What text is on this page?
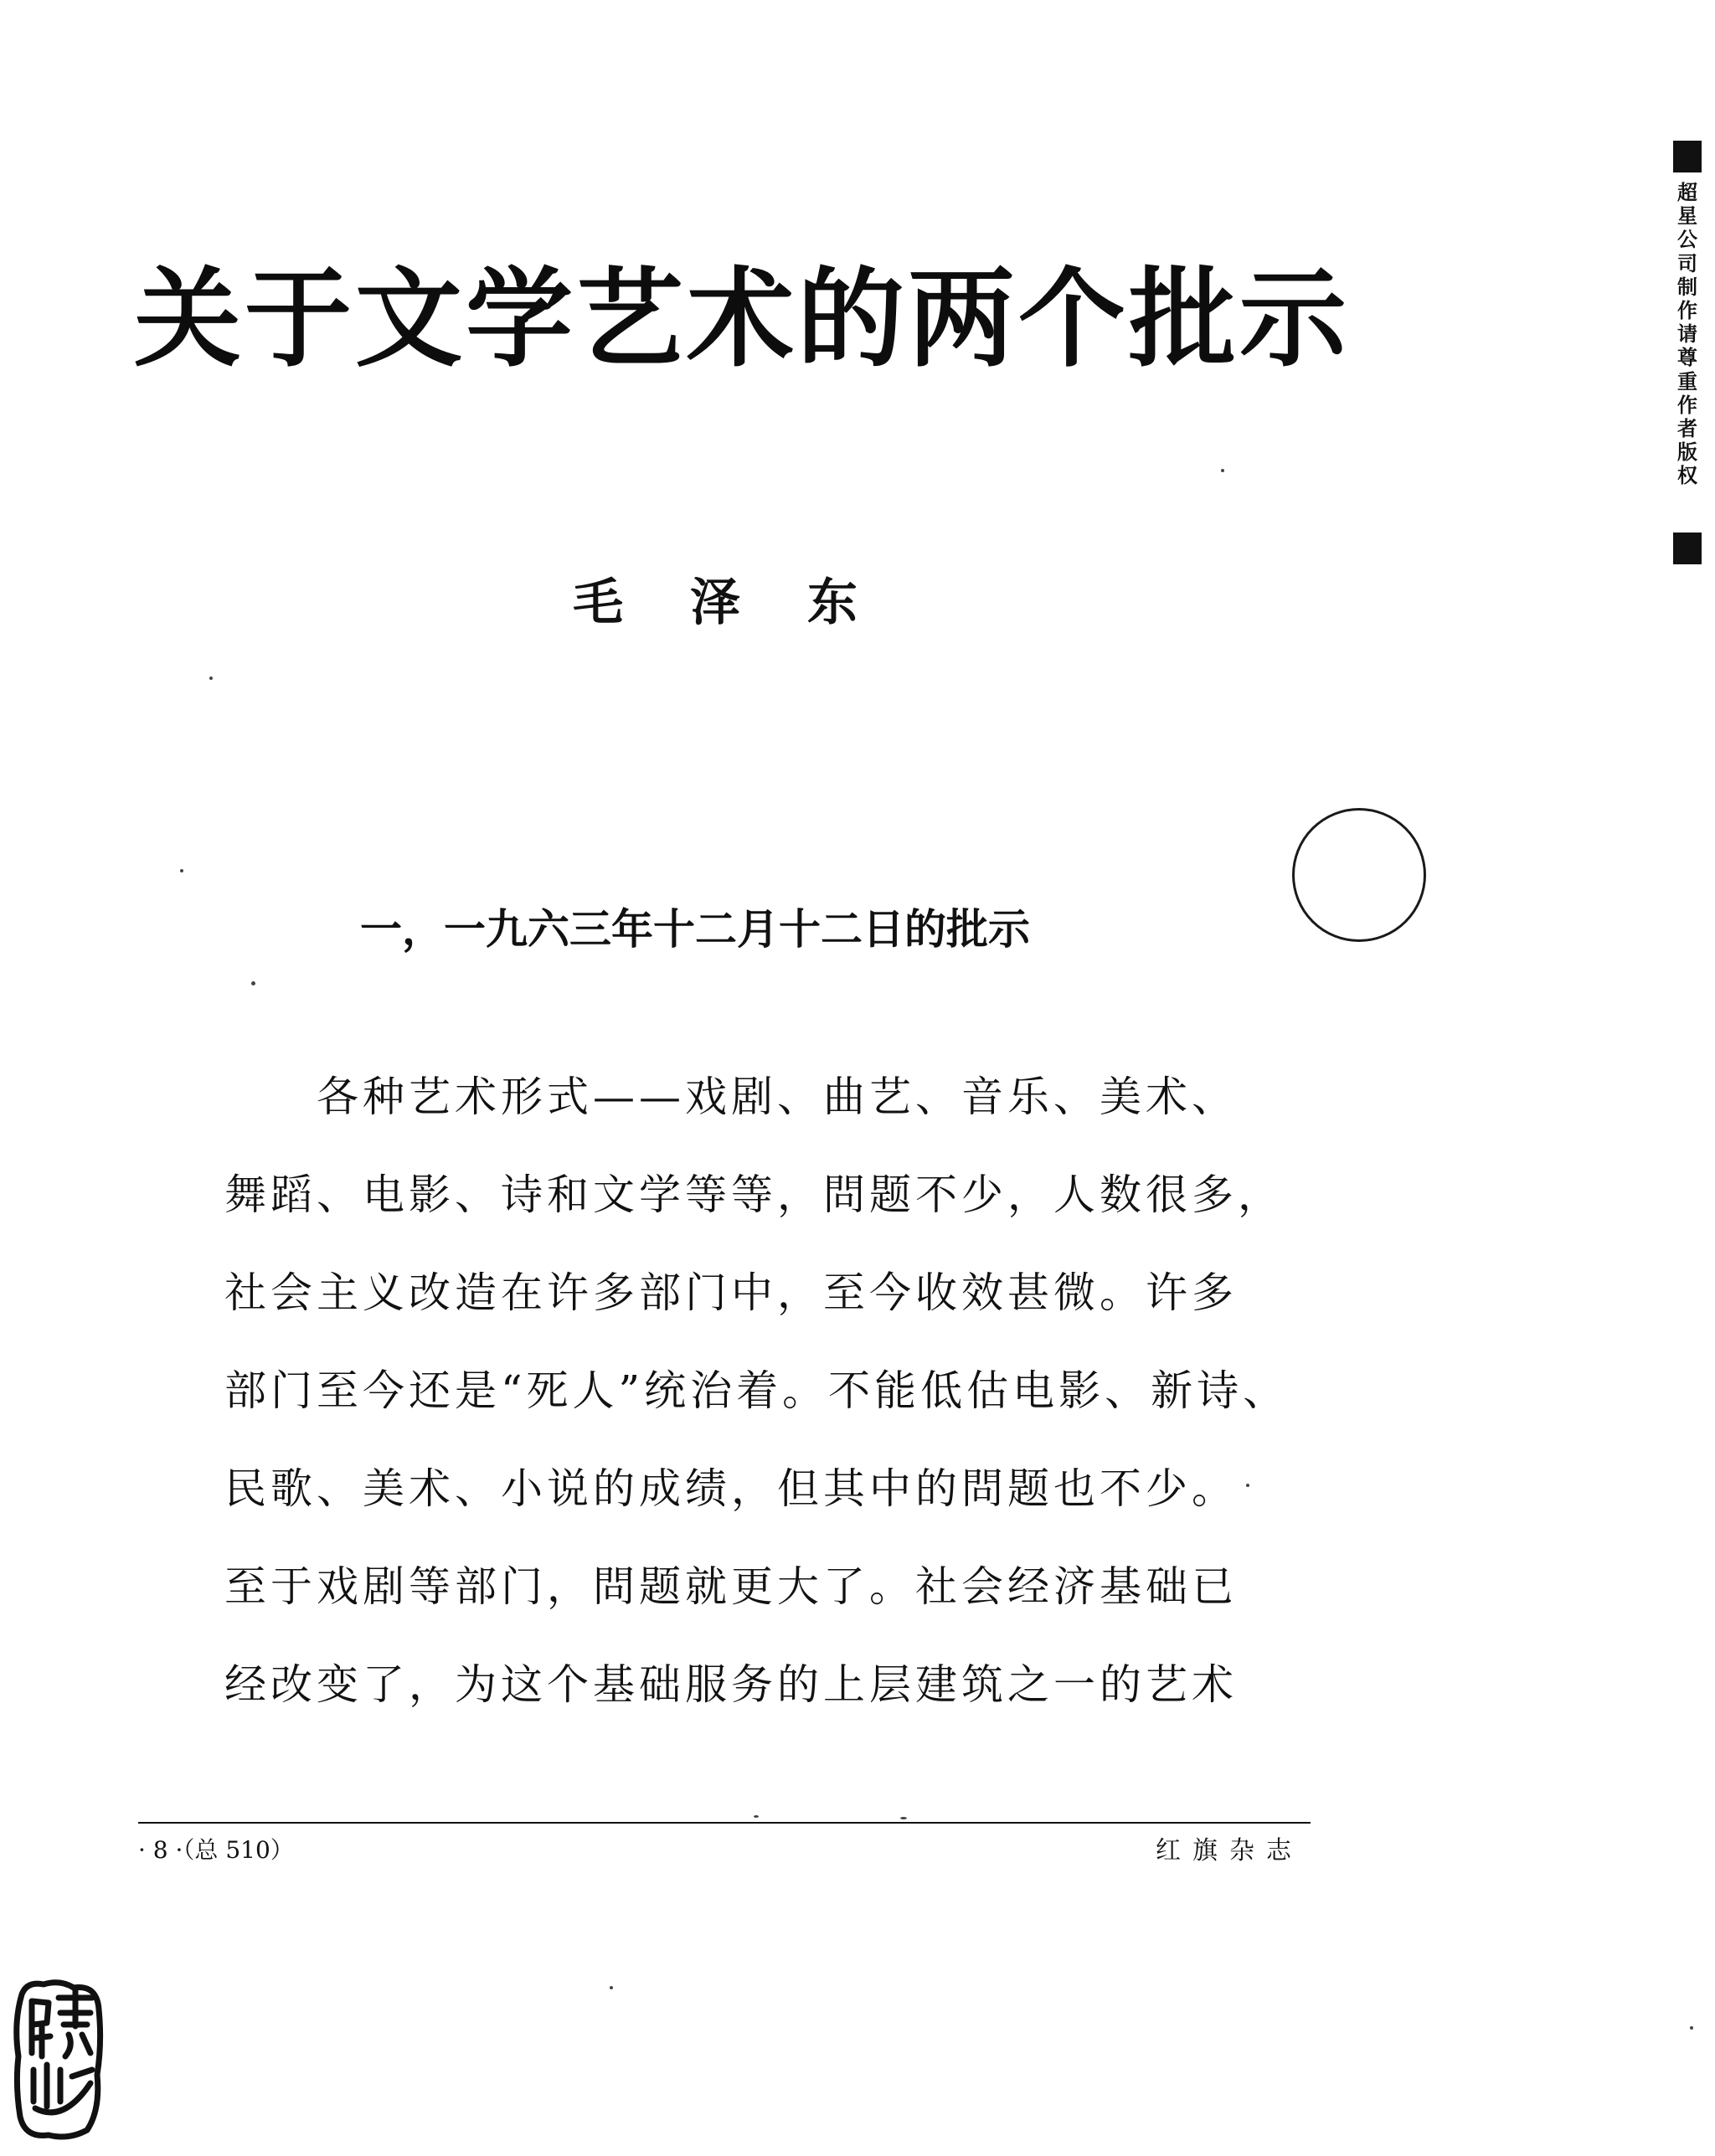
关于文学艺术的两个批示
毛泽东
一，一九六三年十二月十二日的批示
　　各种艺术形式——戏剧、曲艺、音乐、美术、
舞蹈、电影、诗和文学等等，問题不少，人数很多，
社会主义改造在许多部门中，至今收效甚微。许多
部门至今还是“死人”统治着。不能低估电影、新诗、
民歌、美术、小说的成绩，但其中的問题也不少。
至于戏剧等部门，問题就更大了。社会经济基础已
经改变了，为这个基础服务的上层建筑之一的艺术
· 8 ·（总 510）	红旗杂志
超星公司制作请尊重作者版权
